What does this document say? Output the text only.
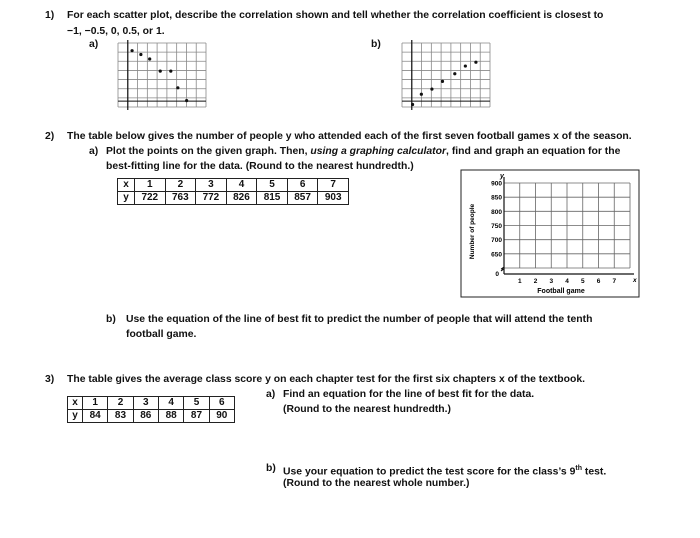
1) For each scatter plot, describe the correlation shown and tell whether the correlation coefficient is closest to
−1, −0.5, 0, 0.5, or 1.
a)	b)
2) The table below gives the number of people y who attended each of the first seven football games x of the season.
a) Plot the points on the given graph. Then, using a graphing calculator, find and graph an equation for the
best-fitting line for the data. (Round to the nearest hundredth.)
x	1	2	3	4	5	6	7
y	722	763	772	826	815	857	903
y
900
850
800
750
700
650
0
1 2 3 4 5 6 7	x
Football game
Number of people
b) Use the equation of the line of best fit to predict the number of people that will attend the tenth
football game.
3) The table gives the average class score y on each chapter test for the first six chapters x of the textbook.
a) Find an equation for the line of best fit for the data.
(Round to the nearest hundredth.)
x	1	2	3	4	5	6
y	84	83	86	88	87	90
b) Use your equation to predict the test score for the class’s 9th test.
(Round to the nearest whole number.)
